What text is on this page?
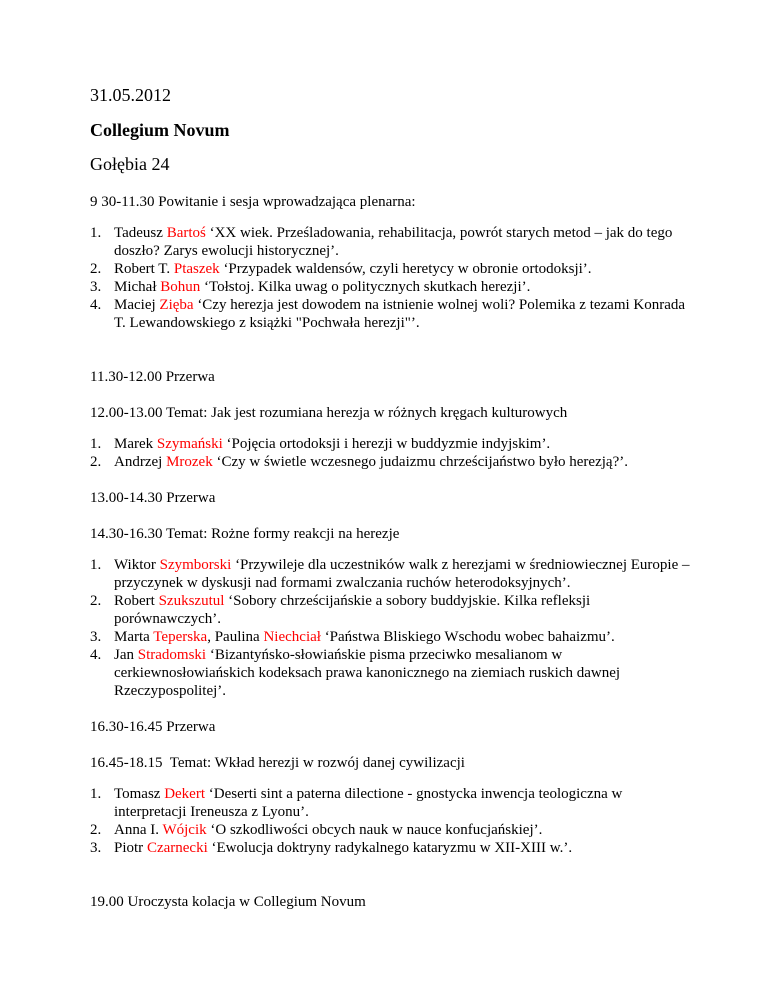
31.05.2012
Collegium Novum
Gołębia 24
9 30-11.30 Powitanie i sesja wprowadzająca plenarna:
1. Tadeusz Bartoś ‘XX wiek. Prześladowania, rehabilitacja, powrót starych metod – jak do tego doszło? Zarys ewolucji historycznej’.
2. Robert T. Ptaszek ‘Przypadek waldensów, czyli heretycy w obronie ortodoksji’.
3. Michał Bohun ‘Tołstoj. Kilka uwag o politycznych skutkach herezji’.
4. Maciej Zięba ‘Czy herezja jest dowodem na istnienie wolnej woli? Polemika z tezami Konrada T. Lewandowskiego z książki "Pochwała herezji"’.
11.30-12.00 Przerwa
12.00-13.00 Temat: Jak jest rozumiana herezja w różnych kręgach kulturowych
1. Marek Szymański ‘Pojęcia ortodoksji i herezji w buddyzmie indyjskim’.
2. Andrzej Mrozek ‘Czy w świetle wczesnego judaizmu chrześcijaństwo było herezją?’.
13.00-14.30 Przerwa
14.30-16.30 Temat: Rożne formy reakcji na herezje
1. Wiktor Szymborski ‘Przywileje dla uczestników walk z herezjami w średniowiecznej Europie – przyczynek w dyskusji nad formami zwalczania ruchów heterodoksyjnych’.
2. Robert Szukszutul ‘Sobory chrześcijańskie a sobory buddyjskie. Kilka refleksji porównawczych’.
3. Marta Teperska, Paulina Niechciał ‘Państwa Bliskiego Wschodu wobec bahaizmu’.
4. Jan Stradomski ‘Bizantyńsko-słowiańskie pisma przeciwko mesalianom w cerkiewnosłowiańskich kodeksach prawa kanonicznego na ziemiach ruskich dawnej Rzeczypospolitej’.
16.30-16.45 Przerwa
16.45-18.15  Temat: Wkład herezji w rozwój danej cywilizacji
1. Tomasz Dekert ‘Deserti sint a paterna dilectione - gnostycka inwencja teologiczna w interpretacji Ireneusza z Lyonu’.
2. Anna I. Wójcik ‘O szkodliwości obcych nauk w nauce konfucjańskiej’.
3. Piotr Czarnecki ‘Ewolucja doktryny radykalnego kataryzmu w XII-XIII w.’.
19.00 Uroczysta kolacja w Collegium Novum
